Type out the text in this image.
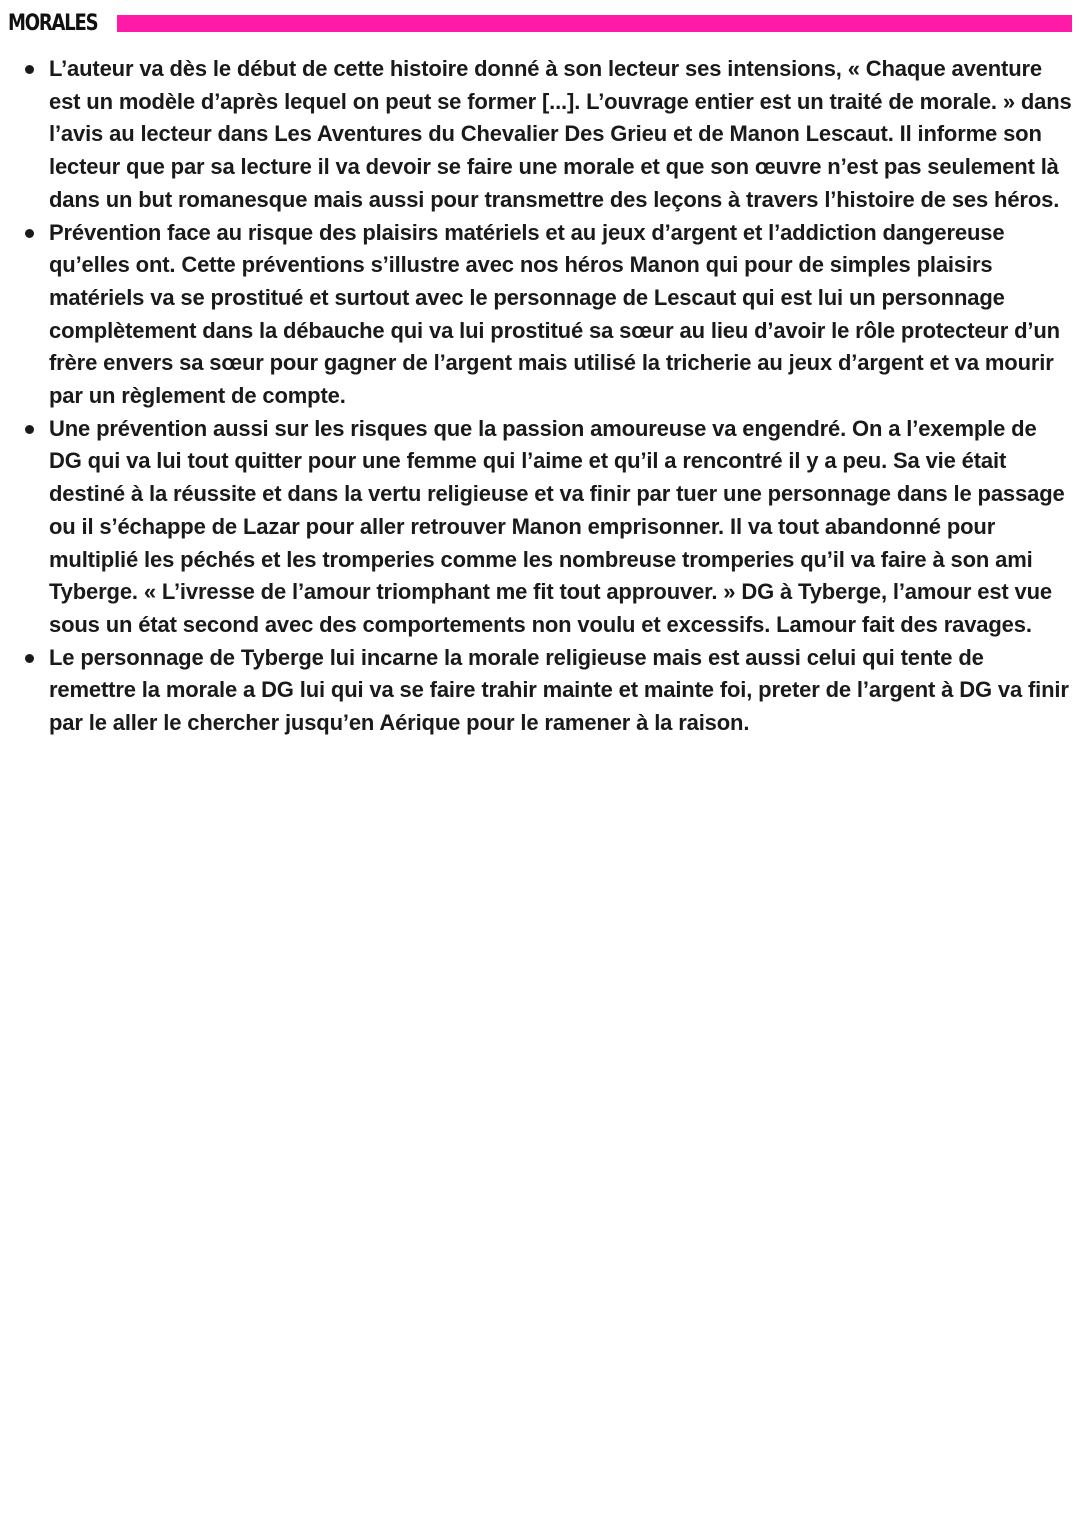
MORALES
L’auteur va dès le début de cette histoire donné à son lecteur ses intensions, « Chaque aventure est un modèle d’après lequel on peut se former [...]. L’ouvrage entier est un traité de morale. » dans l’avis au lecteur dans Les Aventures du Chevalier Des Grieu et de Manon Lescaut. Il informe son lecteur que par sa lecture il va devoir se faire une morale et que son œuvre n’est pas seulement là dans un but romanesque mais aussi pour transmettre des leçons à travers l’histoire de ses héros.
Prévention face au risque des plaisirs matériels et au jeux d’argent et l’addiction dangereuse qu’elles ont. Cette préventions s’illustre avec nos héros Manon qui pour de simples plaisirs matériels va se prostitué et surtout avec le personnage de Lescaut qui est lui un personnage complètement dans la débauche qui va lui prostitué sa sœur au lieu d’avoir le rôle protecteur d’un frère envers sa sœur pour gagner de l’argent mais utilisé la tricherie au jeux d’argent et va mourir par un règlement de compte.
Une prévention aussi sur les risques que la passion amoureuse va engendré. On a l’exemple de DG qui va lui tout quitter pour une femme qui l’aime et qu’il a rencontré il y a peu. Sa vie était destiné à la réussite et dans la vertu religieuse et va finir par tuer une personnage dans le passage ou il s’échappe de Lazar pour aller retrouver Manon emprisonner. Il va tout abandonné pour multiplié les péchés et les tromperies comme les nombreuse tromperies qu’il va faire à son ami Tyberge. « L’ivresse de l’amour triomphant me fit tout approuver. » DG à Tyberge, l’amour est vue sous un état second avec des comportements non voulu et excessifs. Lamour fait des ravages.
Le personnage de Tyberge lui incarne la morale religieuse mais est aussi celui qui tente de remettre la morale a DG lui qui va se faire trahir mainte et mainte foi, preter de l’argent à DG va finir par le aller le chercher jusqu’en Aérique pour le ramener à la raison.
